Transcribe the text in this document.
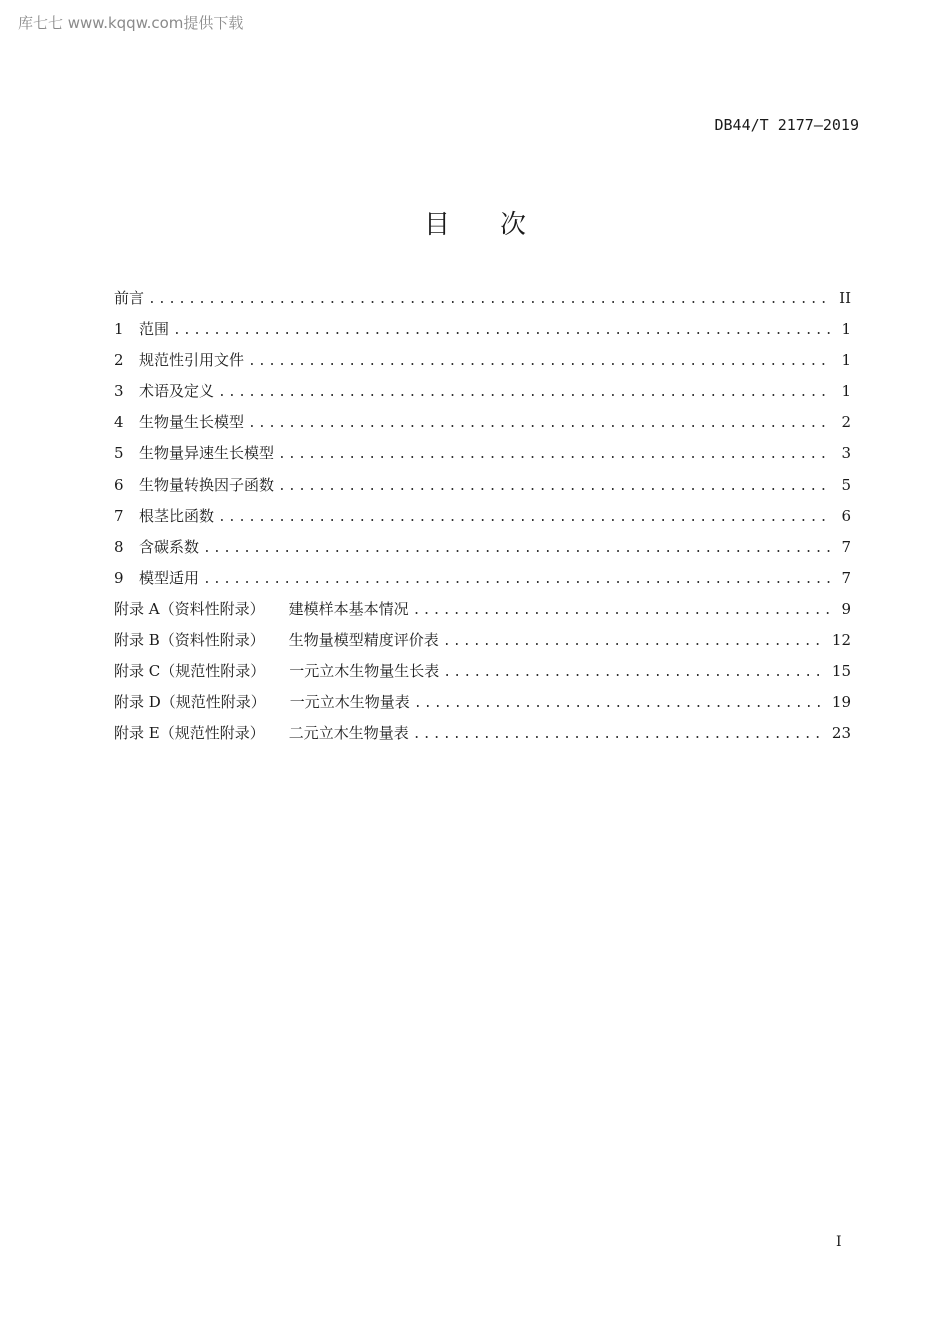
库七七 www.kqqw.com提供下载
DB44/T 2177—2019
目次
前言 .....	II
1	范围 .....	1
2	规范性引用文件 .....	1
3	术语及定义 .....	1
4	生物量生长模型 .....	2
5	生物量异速生长模型 .....	3
6	生物量转换因子函数 .....	5
7	根茎比函数 .....	6
8	含碳系数 .....	7
9	模型适用 .....	7
附录 A（资料性附录） 建模样本基本情况 .....	9
附录 B（资料性附录） 生物量模型精度评价表 .....	12
附录 C（规范性附录） 一元立木生物量生长表 .....	15
附录 D（规范性附录） 一元立木生物量表 .....	19
附录 E（规范性附录） 二元立木生物量表 .....	23
I
